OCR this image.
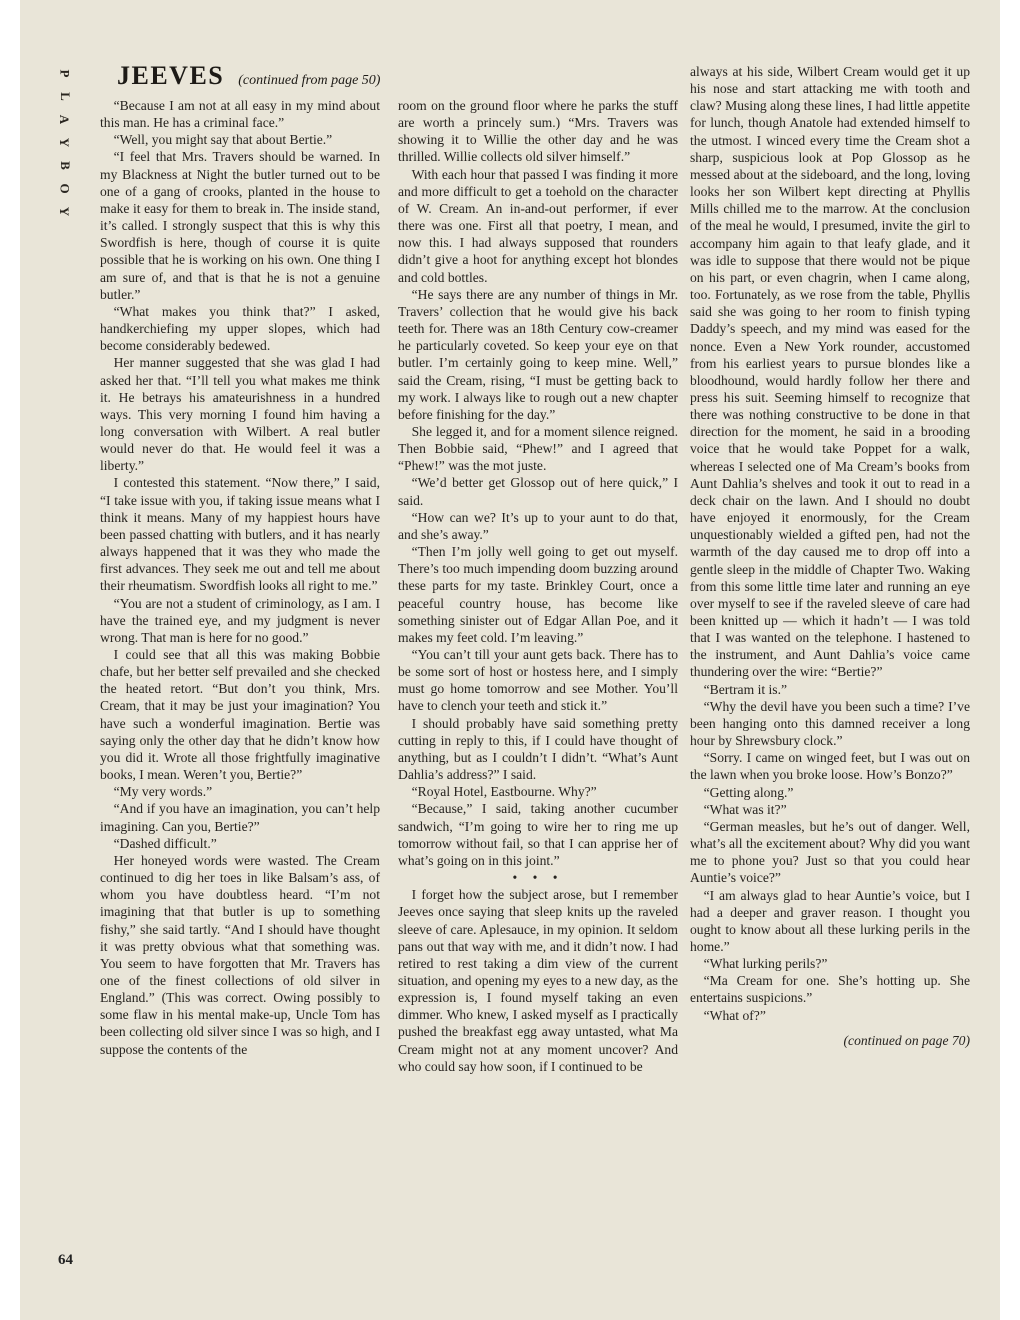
P
L
A
Y
B
O
Y
JEEVES (continued from page 50)

“Because I am not at all easy in my mind about this man. He has a criminal face.”

“Well, you might say that about Bertie.”

“I feel that Mrs. Travers should be warned. In my Blackness at Night the butler turned out to be one of a gang of crooks, planted in the house to make it easy for them to break in. The inside stand, it’s called. I strongly suspect that this is why this Swordfish is here, though of course it is quite possible that he is working on his own. One thing I am sure of, and that is that he is not a genuine butler.”

“What makes you think that?” I asked, handkerchiefing my upper slopes, which had become considerably bedewed.

Her manner suggested that she was glad I had asked her that. “I’ll tell you what makes me think it. He betrays his amateurishness in a hundred ways. This very morning I found him having a long conversation with Wilbert. A real butler would never do that. He would feel it was a liberty.”

I contested this statement. “Now there,” I said, “I take issue with you, if taking issue means what I think it means. Many of my happiest hours have been passed chatting with butlers, and it has nearly always happened that it was they who made the first advances. They seek me out and tell me about their rheumatism. Swordfish looks all right to me.”

“You are not a student of criminology, as I am. I have the trained eye, and my judgment is never wrong. That man is here for no good.”

I could see that all this was making Bobbie chafe, but her better self prevailed and she checked the heated retort. “But don’t you think, Mrs. Cream, that it may be just your imagination? You have such a wonderful imagination. Bertie was saying only the other day that he didn’t know how you did it. Wrote all those frightfully imaginative books, I mean. Weren’t you, Bertie?”

“My very words.”

“And if you have an imagination, you can’t help imagining. Can you, Bertie?”

“Dashed difficult.”

Her honeyed words were wasted. The Cream continued to dig her toes in like Balsam’s ass, of whom you have doubtless heard. “I’m not imagining that that butler is up to something fishy,” she said tartly. “And I should have thought it was pretty obvious what that something was. You seem to have forgotten that Mr. Travers has one of the finest collections of old silver in England.” (This was correct. Owing possibly to some flaw in his mental make-up, Uncle Tom has been collecting old silver since I was so high, and I suppose the contents of the

room on the ground floor where he parks the stuff are worth a princely sum.) “Mrs. Travers was showing it to Willie the other day and he was thrilled. Willie collects old silver himself.”

With each hour that passed I was finding it more and more difficult to get a toehold on the character of W. Cream. An in-and-out performer, if ever there was one. First all that poetry, I mean, and now this. I had always supposed that rounders didn’t give a hoot for anything except hot blondes and cold bottles.

“He says there are any number of things in Mr. Travers’ collection that he would give his back teeth for. There was an 18th Century cow-creamer he particularly coveted. So keep your eye on that butler. I’m certainly going to keep mine. Well,” said the Cream, rising, “I must be getting back to my work. I always like to rough out a new chapter before finishing for the day.”

She legged it, and for a moment silence reigned. Then Bobbie said, “Phew!” and I agreed that “Phew!” was the mot juste.

“We’d better get Glossop out of here quick,” I said.

“How can we? It’s up to your aunt to do that, and she’s away.”

“Then I’m jolly well going to get out myself. There’s too much impending doom buzzing around these parts for my taste. Brinkley Court, once a peaceful country house, has become like something sinister out of Edgar Allan Poe, and it makes my feet cold. I’m leaving.”

“You can’t till your aunt gets back. There has to be some sort of host or hostess here, and I simply must go home tomorrow and see Mother. You’ll have to clench your teeth and stick it.”

I should probably have said something pretty cutting in reply to this, if I could have thought of anything, but as I couldn’t I didn’t. “What’s Aunt Dahlia’s address?” I said.

“Royal Hotel, Eastbourne. Why?”

“Because,” I said, taking another cucumber sandwich, “I’m going to wire her to ring me up tomorrow without fail, so that I can apprise her of what’s going on in this joint.”

• • •

I forget how the subject arose, but I remember Jeeves once saying that sleep knits up the raveled sleeve of care. Aplesauce, in my opinion. It seldom pans out that way with me, and it didn’t now. I had retired to rest taking a dim view of the current situation, and opening my eyes to a new day, as the expression is, I found myself taking an even dimmer. Who knew, I asked myself as I practically pushed the breakfast egg away untasted, what Ma Cream might not at any moment uncover? And who could say how soon, if I continued to be

always at his side, Wilbert Cream would get it up his nose and start attacking me with tooth and claw? Musing along these lines, I had little appetite for lunch, though Anatole had extended himself to the utmost. I winced every time the Cream shot a sharp, suspicious look at Pop Glossop as he messed about at the sideboard, and the long, loving looks her son Wilbert kept directing at Phyllis Mills chilled me to the marrow. At the conclusion of the meal he would, I presumed, invite the girl to accompany him again to that leafy glade, and it was idle to suppose that there would not be pique on his part, or even chagrin, when I came along, too. Fortunately, as we rose from the table, Phyllis said she was going to her room to finish typing Daddy’s speech, and my mind was eased for the nonce. Even a New York rounder, accustomed from his earliest years to pursue blondes like a bloodhound, would hardly follow her there and press his suit. Seeming himself to recognize that there was nothing constructive to be done in that direction for the moment, he said in a brooding voice that he would take Poppet for a walk, whereas I selected one of Ma Cream’s books from Aunt Dahlia’s shelves and took it out to read in a deck chair on the lawn. And I should no doubt have enjoyed it enormously, for the Cream unquestionably wielded a gifted pen, had not the warmth of the day caused me to drop off into a gentle sleep in the middle of Chapter Two. Waking from this some little time later and running an eye over myself to see if the raveled sleeve of care had been knitted up — which it hadn’t — I was told that I was wanted on the telephone. I hastened to the instrument, and Aunt Dahlia’s voice came thundering over the wire: “Bertie?”

“Bertram it is.”

“Why the devil have you been such a time? I’ve been hanging onto this damned receiver a long hour by Shrewsbury clock.”

“Sorry. I came on winged feet, but I was out on the lawn when you broke loose. How’s Bonzo?”

“Getting along.”

“What was it?”

“German measles, but he’s out of danger. Well, what’s all the excitement about? Why did you want me to phone you? Just so that you could hear Auntie’s voice?”

“I am always glad to hear Auntie’s voice, but I had a deeper and graver reason. I thought you ought to know about all these lurking perils in the home.”

“What lurking perils?”

“Ma Cream for one. She’s hotting up. She entertains suspicions.”

“What of?”

(continued on page 70)

64
